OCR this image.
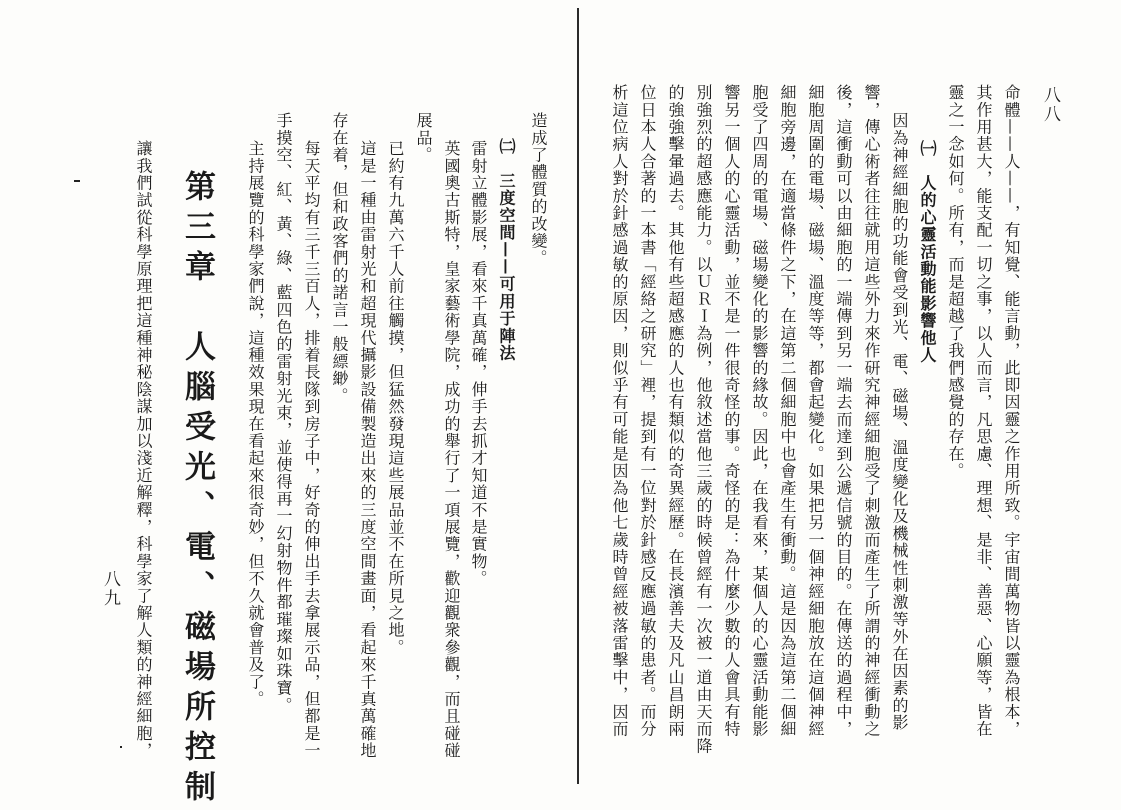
八九
造成了體質的改變。
㈡　三度空間——可用于陣法
雷射立體影展，看來千真萬確，伸手去抓才知道不是實物。
英國奧古斯特，皇家藝術學院，成功的舉行了一項展覽，歡迎觀衆參觀，而且碰碰
展品。
已約有九萬六千人前往觸摸，但猛然發現這些展品並不在所見之地。
這是一種由雷射光和超現代攝影設備製造出來的三度空間畫面，看起來千真萬確地
存在着，但和政客們的諾言一般縹緲。
每天平均有三千三百人，排着長隊到房子中，好奇的伸出手去拿展示品，但都是一
手摸空、紅、黃、綠、藍四色的雷射光束，並使得再一幻射物件都璀璨如珠寶。
主持展覽的科學家們說，這種效果現在看起來很奇妙，但不久就會普及了。
第三章　人腦受光、電、磁場所控制
讓我們試從科學原理把這種神秘陰謀加以淺近解釋，科學家了解人類的神經細胞，
八八
命體——人——，有知覺、能言動，此即因靈之作用所致。宇宙間萬物皆以靈為根本，
其作用甚大，能支配一切之事，以人而言，凡思慮、理想、是非、善惡、心願等，皆在
靈之一念如何。所有，而是超越了我們感覺的存在。
㈠　人的心靈活動能影響他人
因為神經細胞的功能會受到光、電、磁場、溫度變化及機械性刺激等外在因素的影
響，傳心術者往往就用這些外力來作研究神經細胞受了刺激而產生了所謂的神經衝動之
後，這衝動可以由細胞的一端傳到另一端去而達到公遞信號的目的。在傳送的過程中，
細胞周圍的電場、磁場、溫度等等，都會起變化。如果把另一個神經細胞放在這個神經
細胞旁邊，在適當條件之下，在這第二個細胞中也會產生有衝動。這是因為這第二個細
胞受了四周的電場、磁場變化的影響的緣故。因此，在我看來，某個人的心靈活動能影
響另一個人的心靈活動，並不是一件很奇怪的事。奇怪的是：為什麼少數的人會具有特
別強烈的超感應能力。以ＵＲＩ為例，他敘述當他三歲的時候曾經有一次被一道由天而降
的強強擊暈過去。其他有些超感應的人也有類似的奇異經歷。在長濱善夫及凡山昌朗兩
位日本人合著的一本書「經絡之研究」裡，提到有一位對於針感反應過敏的患者。而分
析這位病人對於針感過敏的原因，則似乎有可能是因為他七歲時曾經被落雷擊中，因而
